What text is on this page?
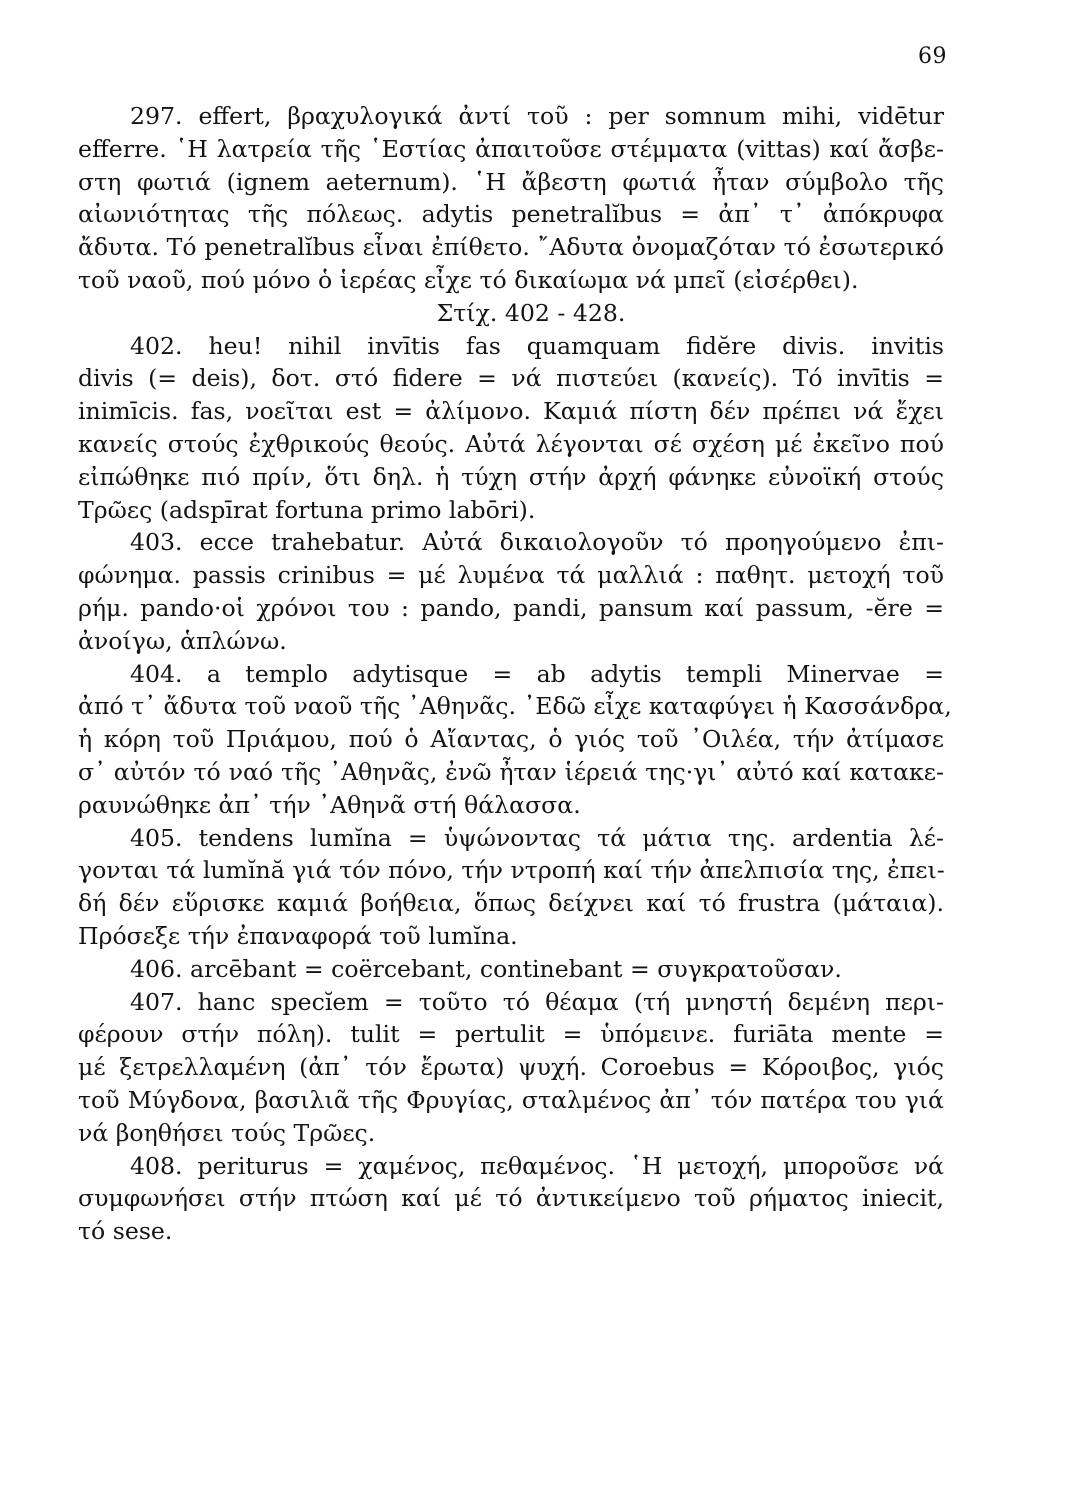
69
297. effert, βραχυλογικά ἀντί τοῦ : per somnum mihi, vidētur
efferre. ῾Η λατρεία τῆς ῾Εστίας ἀπαιτοῦσε στέμματα (vittas) καί ἄσβε-
στη φωτιά (ignem aeternum). ῾Η ἄβεστη φωτιά ἦταν σύμβολο τῆς
αἰωνιότητας τῆς πόλεως. adytis penetralĭbus = ἀπ᾽ τ᾽ ἀπόκρυφα
ἄδυτα. Τό penetralĭbus εἶναι ἐπίθετο. ῎Αδυτα ὀνομαζόταν τό ἐσωτερικό
τοῦ ναοῦ, πού μόνο ὁ ἱερέας εἶχε τό δικαίωμα νά μπεῖ (εἰσέρθει).
Στίχ. 402 - 428.
402. heu! nihil invītis fas quamquam fidĕre divis. invitis
divis (= deis), δοτ. στό fidere = νά πιστεύει (κανείς). Τό invītis =
inimīcis. fas, νοεῖται est = ἀλίμονο. Καμιά πίστη δέν πρέπει νά ἔχει
κανείς στούς ἐχθρικούς θεούς. Αὐτά λέγονται σέ σχέση μέ ἐκεῖνο πού
εἰπώθηκε πιό πρίν, ὅτι δηλ. ἡ τύχη στήν ἀρχή φάνηκε εὐνοϊκή στούς
Τρῶες (adspīrat fortuna primo labōri).
403. ecce trahebatur. Αὐτά δικαιολογοῦν τό προηγούμενο ἐπι-
φώνημα. passis crinibus = μέ λυμένα τά μαλλιά : παθητ. μετοχή τοῦ
ρήμ. pando·οἱ χρόνοι του : pando, pandi, pansum καί passum, -ĕre =
ἀνοίγω, ἁπλώνω.
404. a templo adytisque = ab adytis templi Minervae =
ἀπό τ᾽ ἄδυτα τοῦ ναοῦ τῆς ᾽Αθηνᾶς. ᾽Εδῶ εἶχε καταφύγει ἡ Κασσάνδρα,
ἡ κόρη τοῦ Πριάμου, πού ὁ Αἴαντας, ὁ γιός τοῦ ᾽Οιλέα, τήν ἀτίμασε
σ᾽ αὐτόν τό ναό τῆς ᾽Αθηνᾶς, ἐνῶ ἦταν ἱέρειά της·γι᾽ αὐτό καί κατακε-
ραυνώθηκε ἀπ᾽ τήν ᾽Αθηνᾶ στή θάλασσα.
405. tendens lumĭna = ὑψώνοντας τά μάτια της. ardentia λέ-
γονται τά lumĭnă γιά τόν πόνο, τήν ντροπή καί τήν ἀπελπισία της, ἐπει-
δή δέν εὕρισκε καμιά βοήθεια, ὅπως δείχνει καί τό frustra (μάταια).
Πρόσεξε τήν ἐπαναφορά τοῦ lumĭna.
406. arcēbant = coërcebant, continebant = συγκρατοῦσαν.
407. hanc specĭem = τοῦτο τό θέαμα (τή μνηστή δεμένη περι-
φέρουν στήν πόλη). tulit = pertulit = ὑπόμεινε. furiāta mente =
μέ ξετρελλαμένη (ἀπ᾽ τόν ἔρωτα) ψυχή. Coroebus = Κόροιβος, γιός
τοῦ Μύγδονα, βασιλιᾶ τῆς Φρυγίας, σταλμένος ἀπ᾽ τόν πατέρα του γιά
νά βοηθήσει τούς Τρῶες.
408. periturus = χαμένος, πεθαμένος. ῾Η μετοχή, μποροῦσε νά
συμφωνήσει στήν πτώση καί μέ τό ἀντικείμενο τοῦ ρήματος iniecit,
τό sese.
